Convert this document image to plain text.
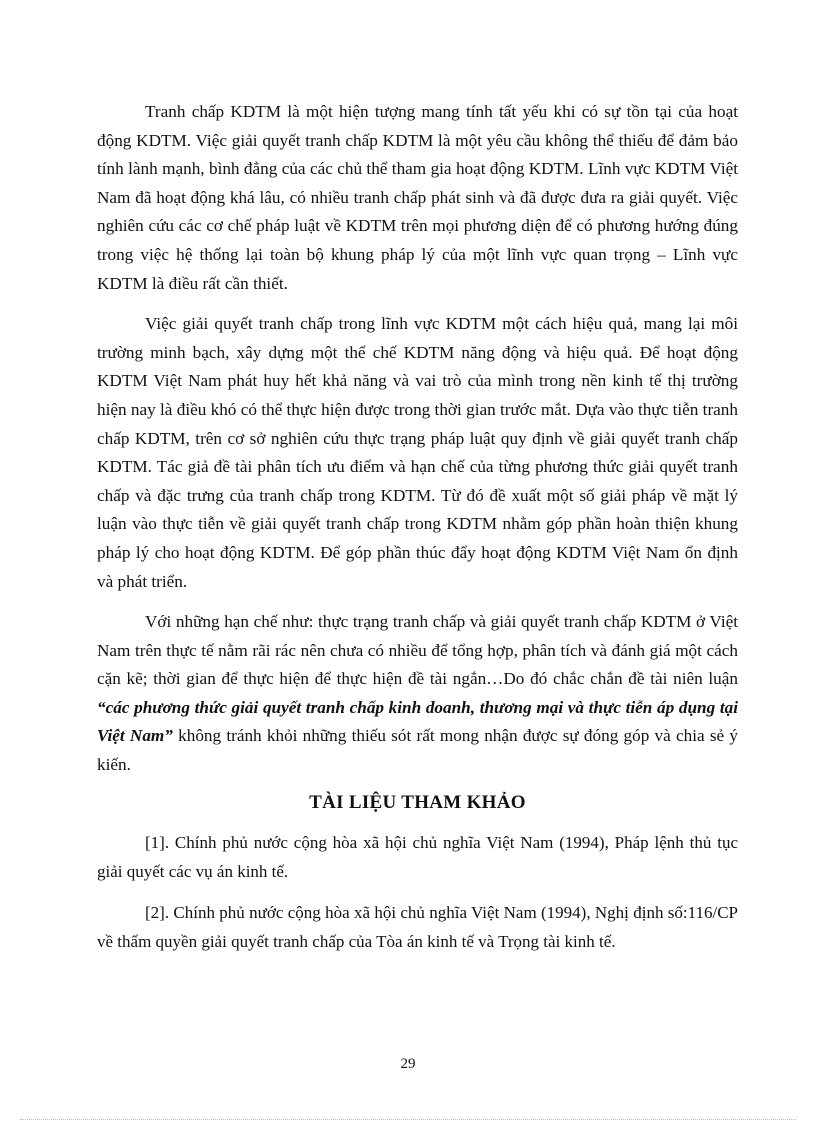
Tranh chấp KDTM là một hiện tượng mang tính tất yếu khi có sự tồn tại của hoạt động KDTM. Việc giải quyết tranh chấp KDTM là một yêu cầu không thể thiếu để đảm bảo tính lành mạnh, bình đẳng của các chủ thể tham gia hoạt động KDTM. Lĩnh vực KDTM Việt Nam đã hoạt động khá lâu, có nhiều tranh chấp phát sinh và đã được đưa ra giải quyết. Việc nghiên cứu các cơ chế pháp luật về KDTM trên mọi phương diện để có phương hướng đúng trong việc hệ thống lại toàn bộ khung pháp lý của một lĩnh vực quan trọng – Lĩnh vực KDTM là điều rất cần thiết.

Việc giải quyết tranh chấp trong lĩnh vực KDTM một cách hiệu quả, mang lại môi trường minh bạch, xây dựng một thể chế KDTM năng động và hiệu quả. Để hoạt động KDTM Việt Nam phát huy hết khả năng và vai trò của mình trong nền kinh tế thị trường hiện nay là điều khó có thể thực hiện được trong thời gian trước mắt. Dựa vào thực tiễn tranh chấp KDTM, trên cơ sở nghiên cứu thực trạng pháp luật quy định về giải quyết tranh chấp KDTM. Tác giả đề tài phân tích ưu điểm và hạn chế của từng phương thức giải quyết tranh chấp và đặc trưng của tranh chấp trong KDTM. Từ đó đề xuất một số giải pháp về mặt lý luận vào thực tiễn về giải quyết tranh chấp trong KDTM nhằm góp phần hoàn thiện khung pháp lý cho hoạt động KDTM. Để góp phần thúc đẩy hoạt động KDTM Việt Nam ổn định và phát triển.

Với những hạn chế như: thực trạng tranh chấp và giải quyết tranh chấp KDTM ở Việt Nam trên thực tế nằm rãi rác nên chưa có nhiều để tổng hợp, phân tích và đánh giá một cách cặn kẽ; thời gian để thực hiện để thực hiện đề tài ngắn…Do đó chắc chắn đề tài niên luận “các phương thức giải quyết tranh chấp kinh doanh, thương mại và thực tiễn áp dụng tại Việt Nam” không tránh khỏi những thiếu sót rất mong nhận được sự đóng góp và chia sẻ ý kiến.

TÀI LIỆU THAM KHẢO

[1]. Chính phủ nước cộng hòa xã hội chủ nghĩa Việt Nam (1994), Pháp lệnh thủ tục giải quyết các vụ án kinh tế.

[2]. Chính phủ nước cộng hòa xã hội chủ nghĩa Việt Nam (1994), Nghị định số:116/CP về thẩm quyền giải quyết tranh chấp của Tòa án kinh tế và Trọng tài kinh tế.

29
